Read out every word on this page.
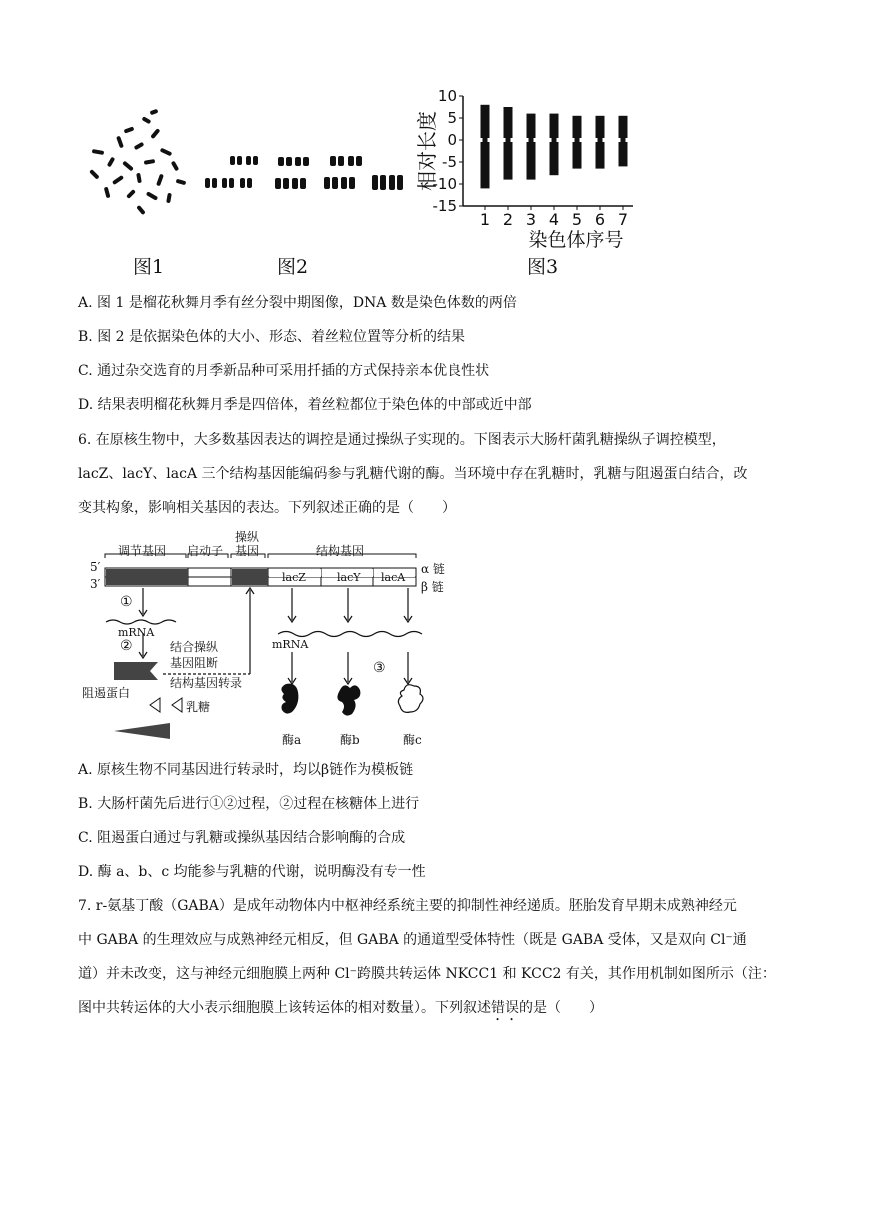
10
5
0
-5
-10
-15
1 2 3 4 5 6 7
相对长度
染色体序号
图1	图2	图3
A. 图 1 是榴花秋舞月季有丝分裂中期图像，DNA 数是染色体数的两倍
B. 图 2 是依据染色体的大小、形态、着丝粒位置等分析的结果
C. 通过杂交选育的月季新品种可采用扦插的方式保持亲本优良性状
D. 结果表明榴花秋舞月季是四倍体，着丝粒都位于染色体的中部或近中部
6. 在原核生物中，大多数基因表达的调控是通过操纵子实现的。下图表示大肠杆菌乳糖操纵子调控模型，
lacZ、lacY、lacA 三个结构基因能编码参与乳糖代谢的酶。当环境中存在乳糖时，乳糖与阻遏蛋白结合，改
变其构象，影响相关基因的表达。下列叙述正确的是（　　）
调节基因 启动子
操纵
基因	结构基因
5′
3′
α 链
β 链
lacZ	lacY lacA
①
mRNA
②	结合操纵
基因阻断
结构基因转录
阻遏蛋白
乳糖
mRNA
③
酶a	酶b	酶c
A. 原核生物不同基因进行转录时，均以β链作为模板链
B. 大肠杆菌先后进行①②过程，②过程在核糖体上进行
C. 阻遏蛋白通过与乳糖或操纵基因结合影响酶的合成
D. 酶 a、b、c 均能参与乳糖的代谢，说明酶没有专一性
7. r-氨基丁酸（GABA）是成年动物体内中枢神经系统主要的抑制性神经递质。胚胎发育早期未成熟神经元
中 GABA 的生理效应与成熟神经元相反，但 GABA 的通道型受体特性（既是 GABA 受体，又是双向 Cl⁻通
道）并未改变，这与神经元细胞膜上两种 Cl⁻跨膜共转运体 NKCC1 和 KCC2 有关，其作用机制如图所示（注：
图中共转运体的大小表示细胞膜上该转运体的相对数量）。下列叙述错误的是（　　）
